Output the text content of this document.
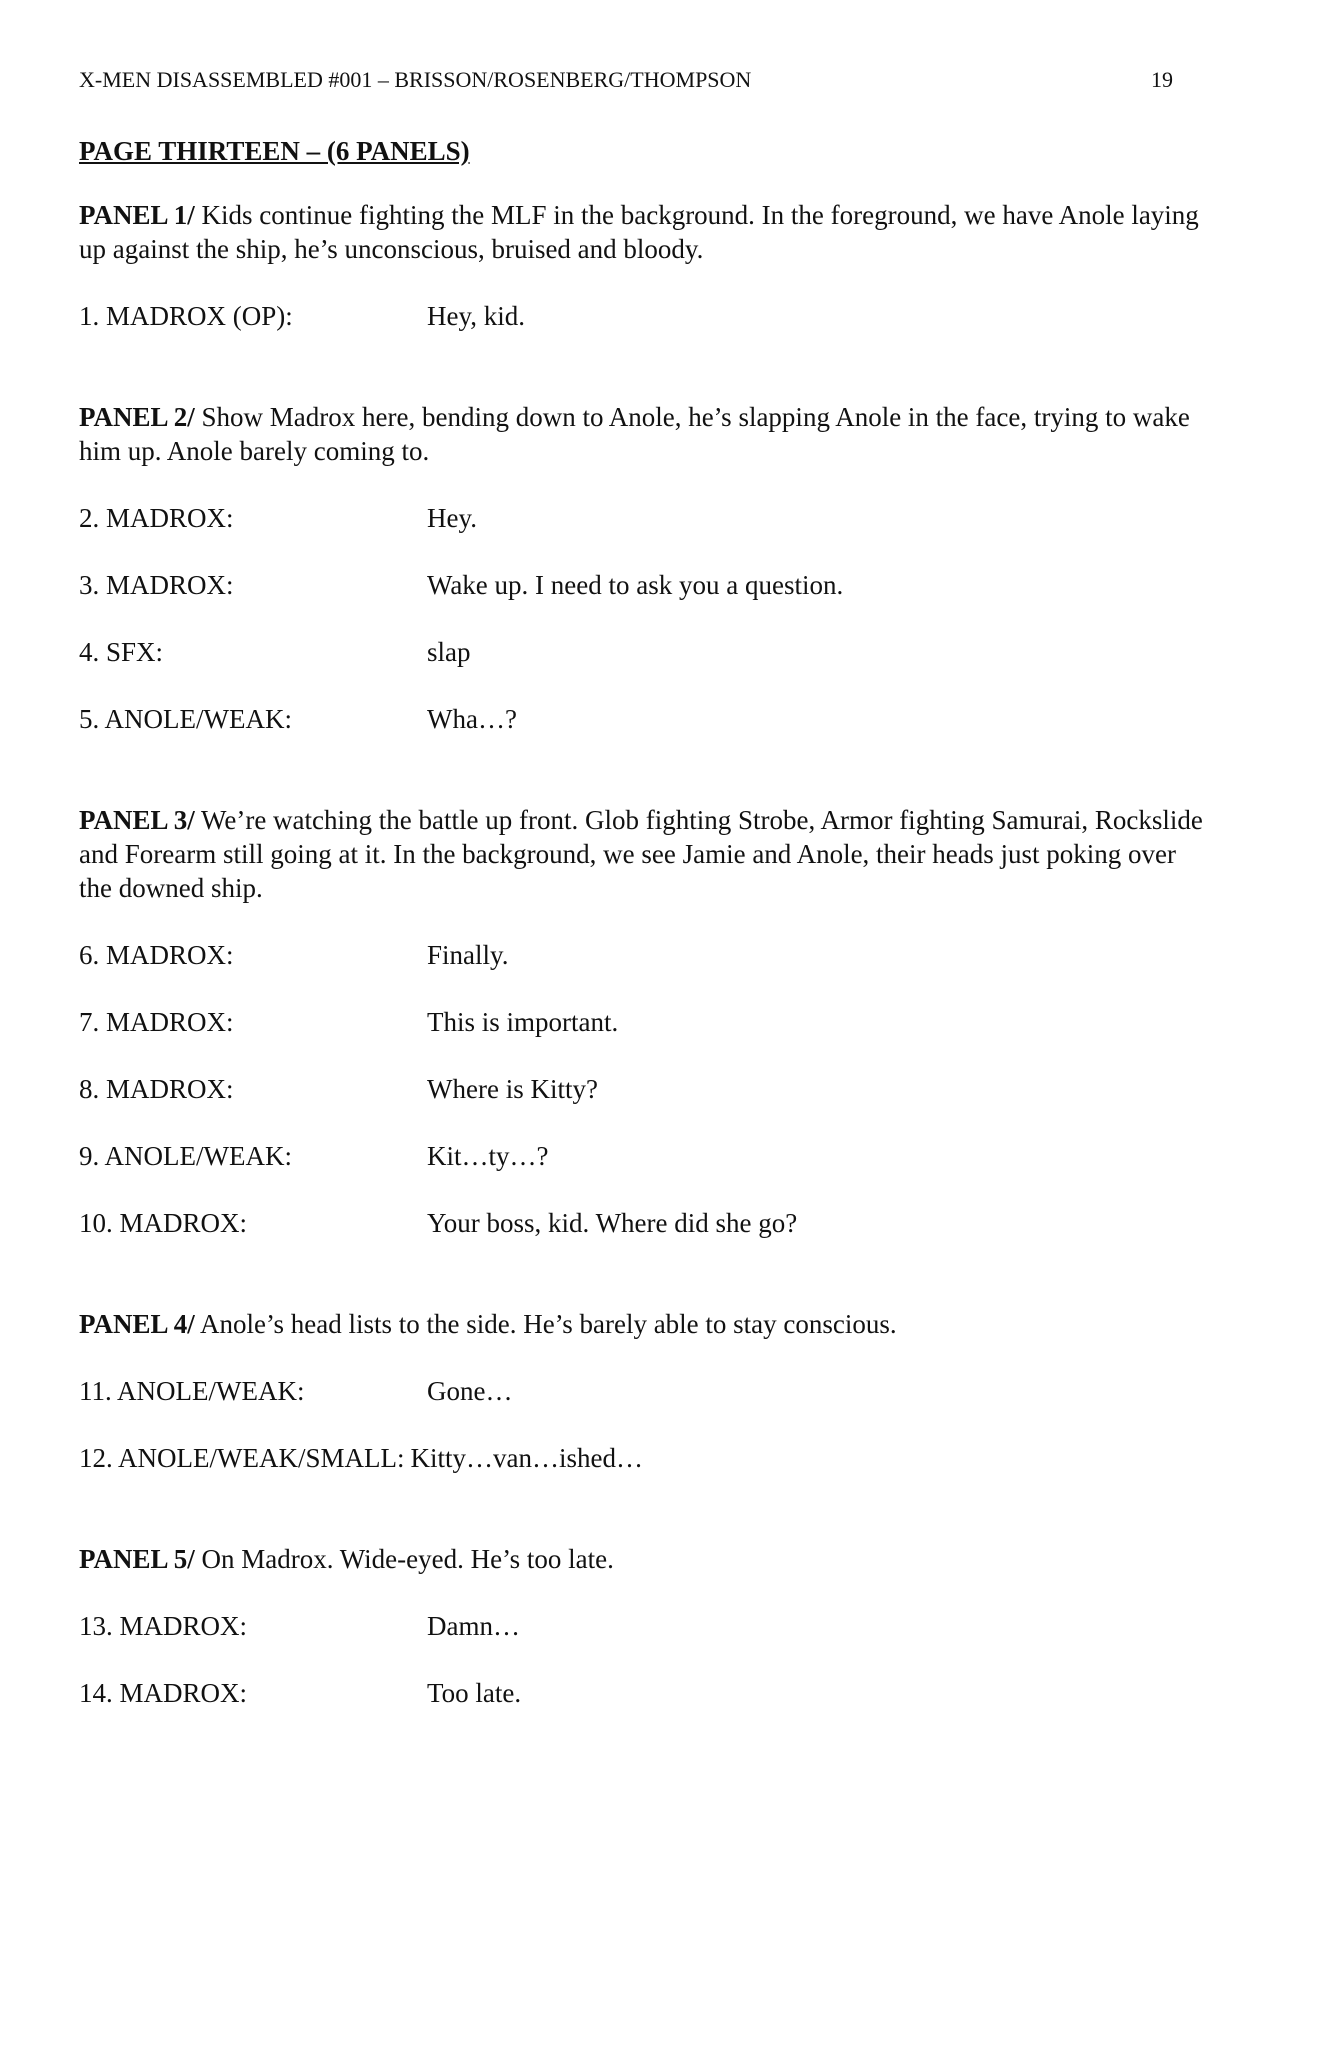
X-MEN DISASSEMBLED #001 – BRISSON/ROSENBERG/THOMPSON	19
PAGE THIRTEEN – (6 PANELS)
PANEL 1/ Kids continue fighting the MLF in the background. In the foreground, we have Anole laying up against the ship, he’s unconscious, bruised and bloody.
1. MADROX (OP):	Hey, kid.
PANEL 2/ Show Madrox here, bending down to Anole, he’s slapping Anole in the face, trying to wake him up. Anole barely coming to.
2. MADROX:	Hey.
3. MADROX:	Wake up. I need to ask you a question.
4. SFX:	slap
5. ANOLE/WEAK:	Wha…?
PANEL 3/ We’re watching the battle up front. Glob fighting Strobe, Armor fighting Samurai, Rockslide and Forearm still going at it. In the background, we see Jamie and Anole, their heads just poking over the downed ship.
6. MADROX:	Finally.
7. MADROX:	This is important.
8. MADROX:	Where is Kitty?
9. ANOLE/WEAK:	Kit…ty…?
10. MADROX:	Your boss, kid. Where did she go?
PANEL 4/ Anole’s head lists to the side. He’s barely able to stay conscious.
11. ANOLE/WEAK:	Gone…
12. ANOLE/WEAK/SMALL: Kitty…van…ished…
PANEL 5/ On Madrox. Wide-eyed. He’s too late.
13. MADROX:	Damn…
14. MADROX:	Too late.
